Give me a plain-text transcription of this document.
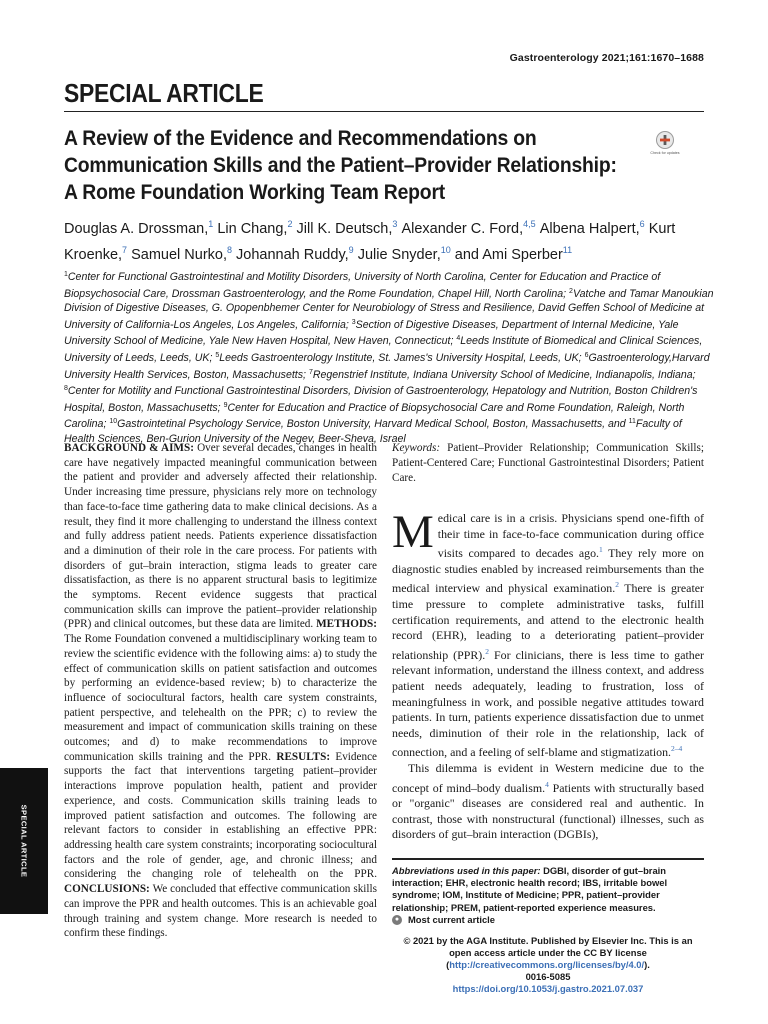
Gastroenterology 2021;161:1670–1688
SPECIAL ARTICLE
A Review of the Evidence and Recommendations on
Communication Skills and the Patient–Provider Relationship:
A Rome Foundation Working Team Report
Check for updates
Douglas A. Drossman,$^1$ Lin Chang,$^2$ Jill K. Deutsch,$^3$ Alexander C. Ford,$^{4,5}$ Albena Halpert,$^6$ Kurt Kroenke,$^7$ Samuel Nurko,$^8$ Johannah Ruddy,$^9$ Julie Snyder,$^{10}$ and Ami Sperber$^{11}$
$^1$Center for Functional Gastrointestinal and Motility Disorders, University of North Carolina, Center for Education and Practice of Biopsychosocial Care, Drossman Gastroenterology, and the Rome Foundation, Chapel Hill, North Carolina; $^2$Vatche and Tamar Manoukian Division of Digestive Diseases, G. Opopenbhemer Center for Neurobiology of Stress and Resilience, David Geffen School of Medicine at University of California-Los Angeles, Los Angeles, California; $^3$Section of Digestive Diseases, Department of Internal Medicine, Yale University School of Medicine, Yale New Haven Hospital, New Haven, Connecticut; $^4$Leeds Institute of Biomedical and Clinical Sciences, University of Leeds, Leeds, UK; $^5$Leeds Gastroenterology Institute, St. James's University Hospital, Leeds, UK; $^6$Gastroenterology,Harvard University Health Services, Boston, Massachusetts; $^7$Regenstrief Institute, Indiana University School of Medicine, Indianapolis, Indiana; $^8$Center for Motility and Functional Gastrointestinal Disorders, Division of Gastroenterology, Hepatology and Nutrition, Boston Children's Hospital, Boston, Massachusetts; $^9$Center for Education and Practice of Biopsychosocial Care and Rome Foundation, Raleigh, North Carolina; $^{10}$Gastrointetinal Psychology Service, Boston University, Harvard Medical School, Boston, Massachusetts, and $^{11}$Faculty of Health Sciences, Ben-Gurion University of the Negev, Beer-Sheva, Israel
BACKGROUND & AIMS: Over several decades, changes in health care have negatively impacted meaningful communication between the patient and provider and adversely affected their relationship. Under increasing time pressure, physicians rely more on technology than face-to-face time gathering data to make clinical decisions. As a result, they find it more challenging to understand the illness context and fully address patient needs. Patients experience dissatisfaction and a diminution of their role in the care process. For patients with disorders of gut–brain interaction, stigma leads to greater care dissatisfaction, as there is no apparent structural basis to legitimize the symptoms. Recent evidence suggests that practical communication skills can improve the patient–provider relationship (PPR) and clinical outcomes, but these data are limited. METHODS: The Rome Foundation convened a multidisciplinary working team to review the scientific evidence with the following aims: a) to study the effect of communication skills on patient satisfaction and outcomes by performing an evidence-based review; b) to characterize the influence of sociocultural factors, health care system constraints, patient perspective, and telehealth on the PPR; c) to review the measurement and impact of communication skills training on these outcomes; and d) to make recommendations to improve communication skills training and the PPR. RESULTS: Evidence supports the fact that interventions targeting patient–provider interactions improve population health, patient and provider experience, and costs. Communication skills training leads to improved patient satisfaction and outcomes. The following are relevant factors to consider in establishing an effective PPR: addressing health care system constraints; incorporating sociocultural factors and the role of gender, age, and chronic illness; and considering the changing role of telehealth on the PPR. CONCLUSIONS: We concluded that effective communication skills can improve the PPR and health outcomes. This is an achievable goal through training and system change. More research is needed to confirm these findings.
Keywords: Patient–Provider Relationship; Communication Skills; Patient-Centered Care; Functional Gastrointestinal Disorders; Patient Care.

Medical care is in a crisis. Physicians spend one-fifth of their time in face-to-face communication during office visits compared to decades ago.$^1$ They rely more on diagnostic studies enabled by increased reimbursements than the medical interview and physical examination.$^2$ There is greater time pressure to complete administrative tasks, fulfill certification requirements, and attend to the electronic health record (EHR), leading to a deteriorating patient–provider relationship (PPR).$^2$ For clinicians, there is less time to gather relevant information, understand the illness context, and address patient needs adequately, leading to frustration, loss of meaningfulness in work, and possible negative attitudes toward patients. In turn, patients experience dissatisfaction due to unmet needs, diminution of their role in the relationship, lack of connection, and a feeling of self-blame and stigmatization.$^{2-4}$

This dilemma is evident in Western medicine due to the concept of mind–body dualism.$^4$ Patients with structurally based or "organic" diseases are considered real and authentic. In contrast, those with nonstructural (functional) illnesses, such as disorders of gut–brain interaction (DGBIs),

Abbreviations used in this paper: DGBI, disorder of gut–brain interaction; EHR, electronic health record; IBS, irritable bowel syndrome; IOM, Institute of Medicine; PPR, patient–provider relationship; PREM, patient-reported experience measures.
● Most current article
© 2021 by the AGA Institute. Published by Elsevier Inc. This is an open access article under the CC BY license (http://creativecommons.org/licenses/by/4.0/).
0016-5085
https://doi.org/10.1053/j.gastro.2021.07.037
SPECIAL ARTICLE
